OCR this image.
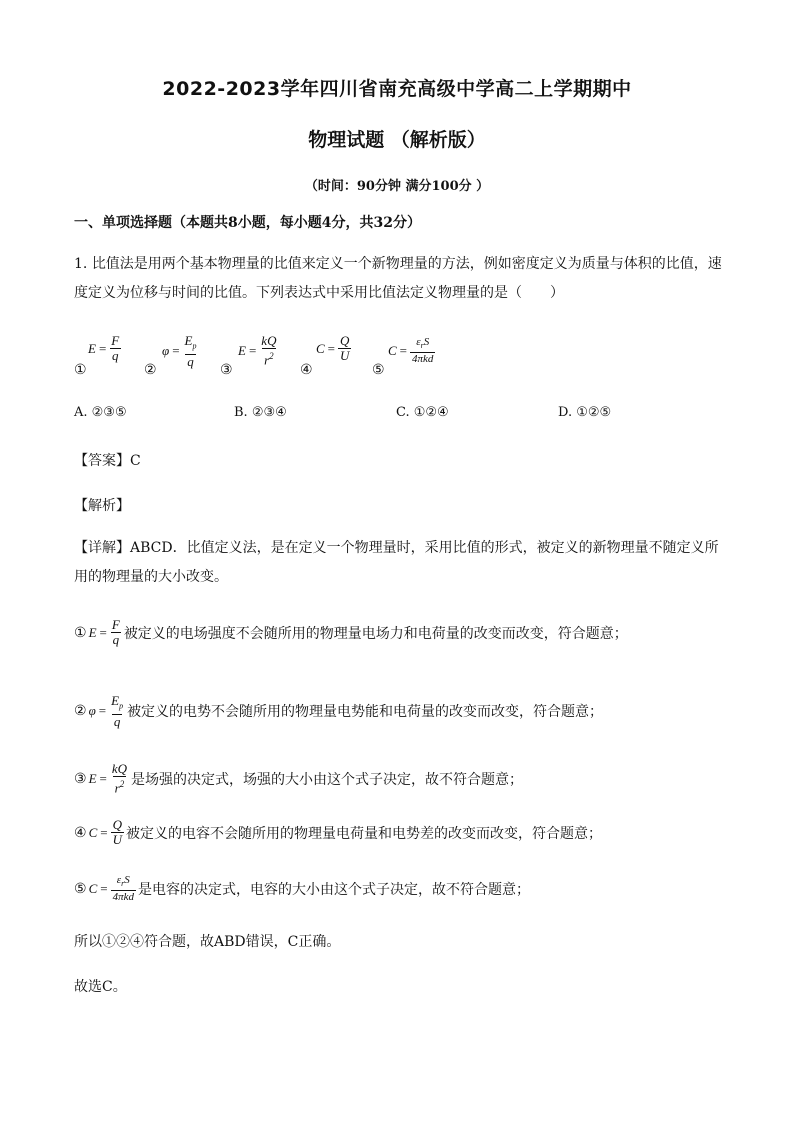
2022-2023学年四川省南充高级中学高二上学期期中
物理试题 （解析版）
（时间：90分钟 满分100分 ）
一、单项选择题（本题共8小题，每小题4分，共32分）
1. 比值法是用两个基本物理量的比值来定义一个新物理量的方法，例如密度定义为质量与体积的比值，速
度定义为位移与时间的比值。下列表达式中采用比值法定义物理量的是（　　）
①
$E = \frac{F}{q}$
②
$\varphi = \frac{E_p}{q}$
③
$E = \frac{kQ}{r^2}$
④
$C = \frac{Q}{U}$
⑤
$C = \frac{\varepsilon_rS}{\text{4πkd}}$
A. ②③⑤	B. ②③④	C. ①②④	D. ①②⑤
【答案】C
【解析】
【详解】ABCD．比值定义法，是在定义一个物理量时，采用比值的形式，被定义的新物理量不随定义所
用的物理量的大小改变。
① $E = \frac{F}{q}$ 被定义的电场强度不会随所用的物理量电场力和电荷量的改变而改变，符合题意；
② $\varphi = \frac{E_p}{q}$ 被定义的电势不会随所用的物理量电势能和电荷量的改变而改变，符合题意；
③ $E = \frac{kQ}{r^2}$ 是场强的决定式，场强的大小由这个式子决定，故不符合题意；
④ $C = \frac{Q}{U}$ 被定义的电容不会随所用的物理量电荷量和电势差的改变而改变，符合题意；
⑤ $C = \frac{\varepsilon_rS}{\text{4πkd}}$ 是电容的决定式，电容的大小由这个式子决定，故不符合题意；
所以①②④符合题，故ABD错误，C正确。
故选C。
